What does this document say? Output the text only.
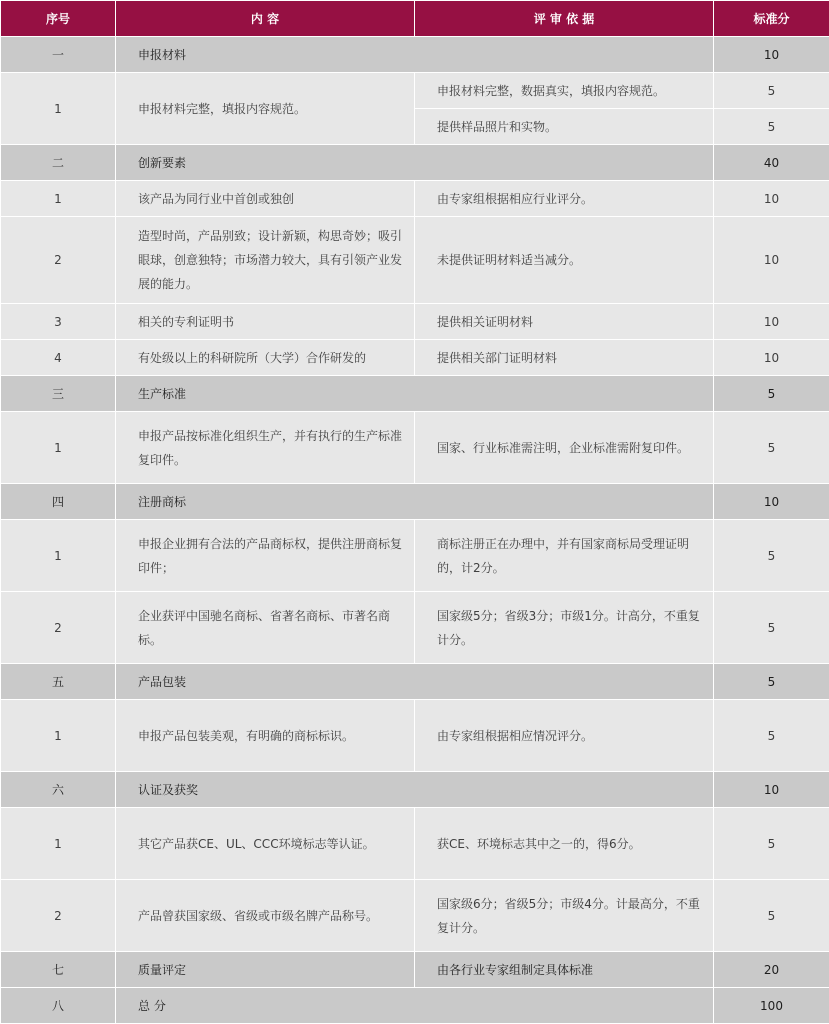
序号	内 容	评 审 依 据	标准分
一	申报材料		10
1	申报材料完整，填报内容规范。	申报材料完整，数据真实，填报内容规范。	5
		提供样品照片和实物。	5
二	创新要素		40
1	该产品为同行业中首创或独创	由专家组根据相应行业评分。	10
2	造型时尚，产品别致；设计新颖，构思奇妙；吸引眼球，创意独特；市场潜力较大，具有引领产业发展的能力。	未提供证明材料适当减分。	10
3	相关的专利证明书	提供相关证明材料	10
4	有处级以上的科研院所（大学）合作研发的	提供相关部门证明材料	10
三	生产标准		5
1	申报产品按标准化组织生产，并有执行的生产标准复印件。	国家、行业标准需注明，企业标准需附复印件。	5
四	注册商标		10
1	申报企业拥有合法的产品商标权，提供注册商标复印件；	商标注册正在办理中，并有国家商标局受理证明的，计2分。	5
2	企业获评中国驰名商标、省著名商标、市著名商标。	国家级5分；省级3分；市级1分。计高分，不重复计分。	5
五	产品包装		5
1	申报产品包装美观，有明确的商标标识。	由专家组根据相应情况评分。	5
六	认证及获奖		10
1	其它产品获CE、UL、CCC环境标志等认证。	获CE、环境标志其中之一的，得6分。	5
2	产品曾获国家级、省级或市级名牌产品称号。	国家级6分；省级5分；市级4分。计最高分，不重复计分。	5
七	质量评定	由各行业专家组制定具体标准	20
八	总 分		100
